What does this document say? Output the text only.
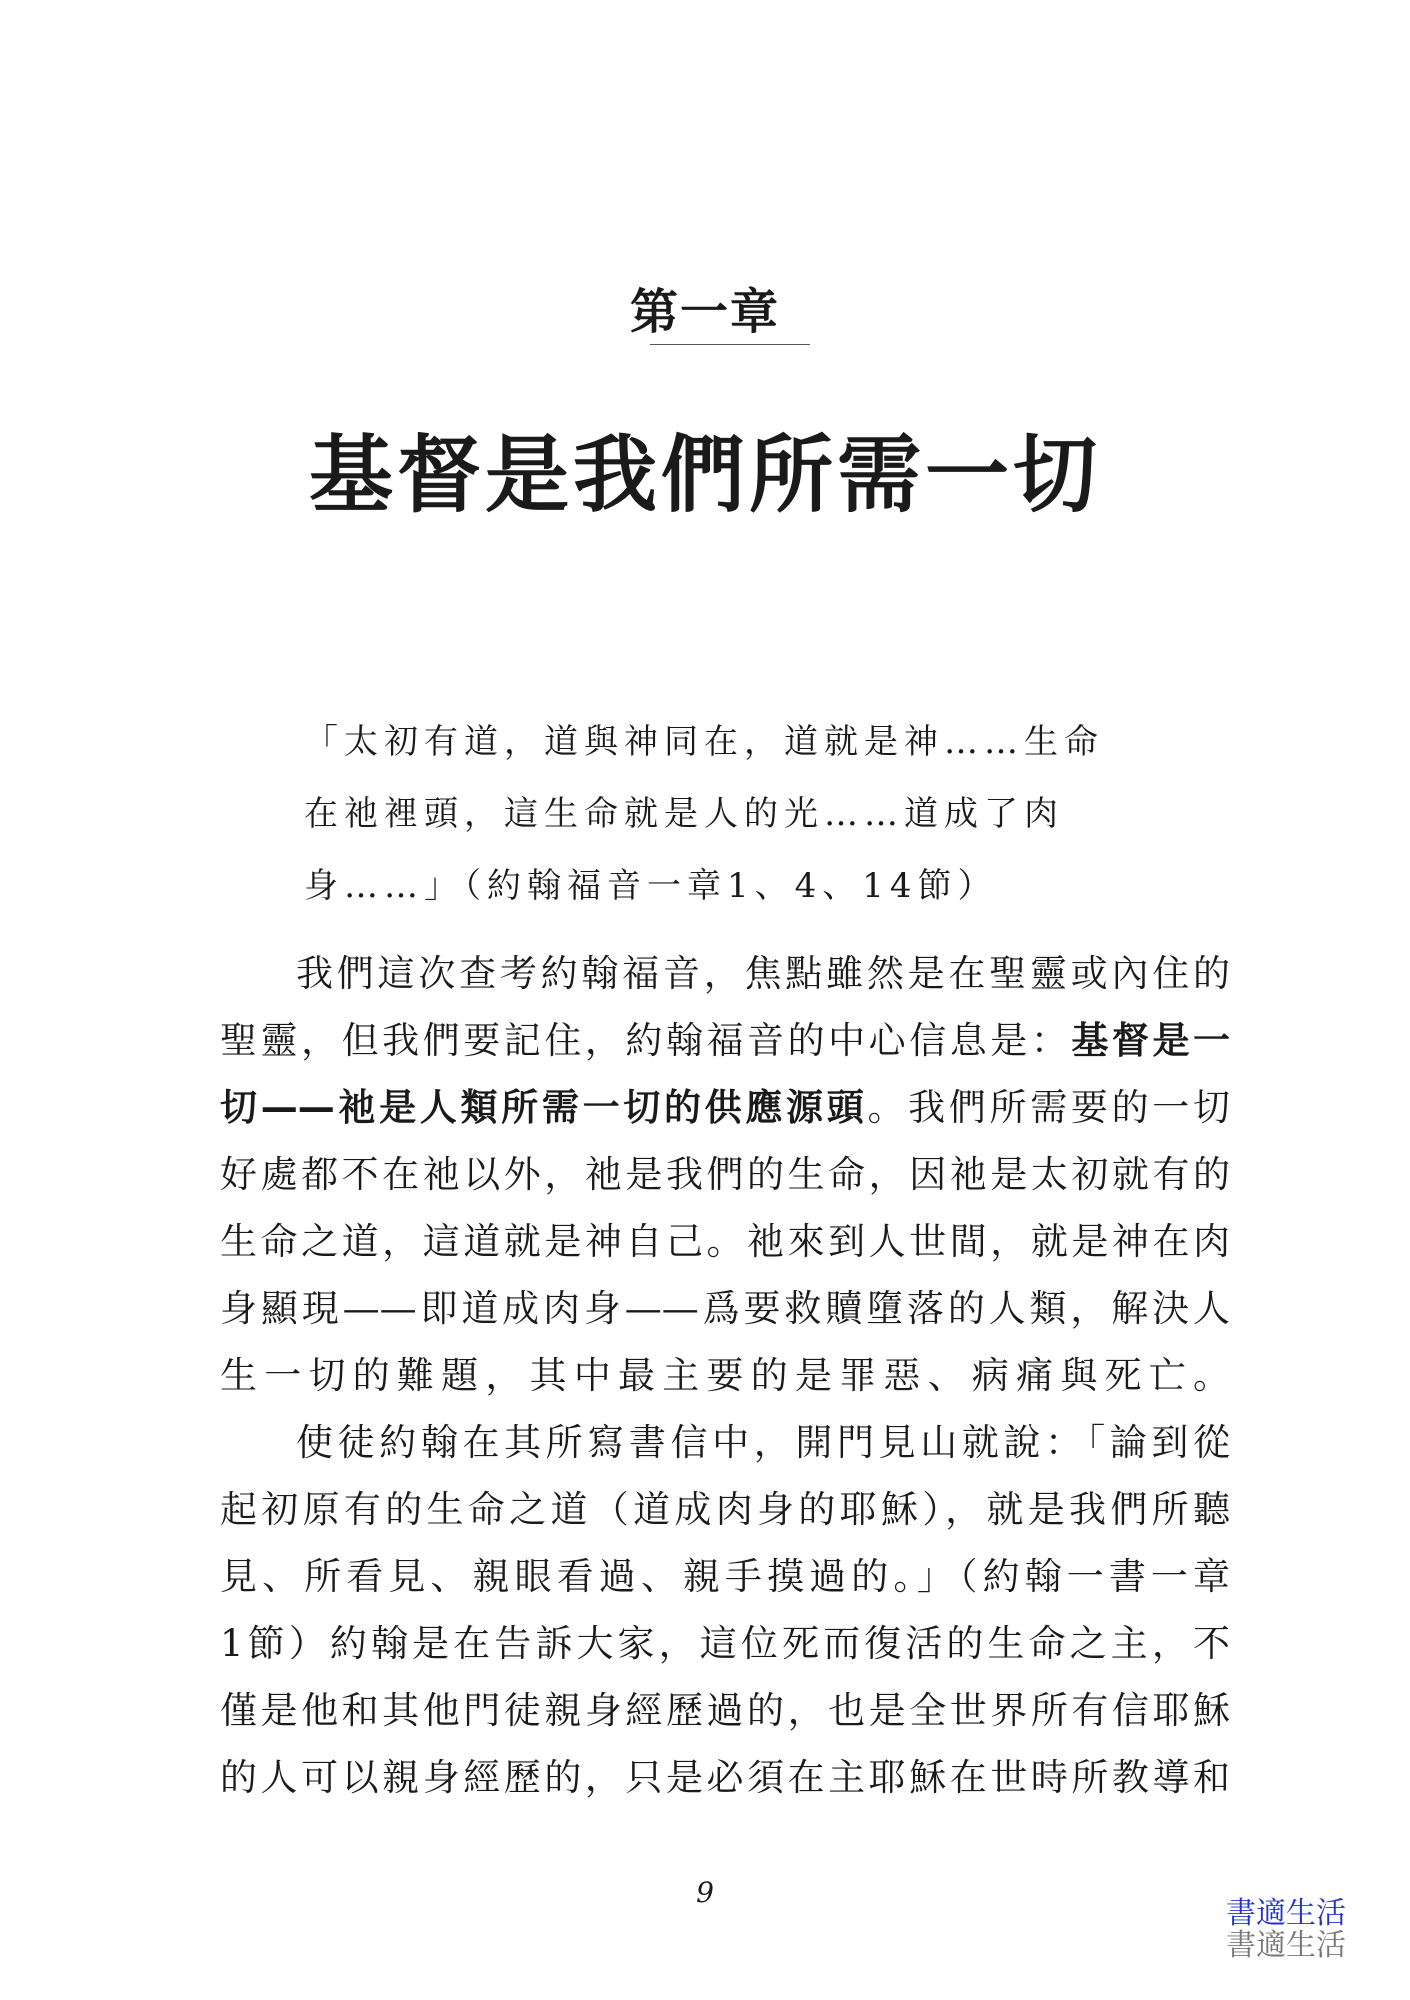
第一章
基督是我們所需一切
「太初有道，道與神同在，道就是神……生命
在祂裡頭，這生命就是人的光……道成了肉
身……」（約翰福音一章1、4、14節）
我們這次查考約翰福音，焦點雖然是在聖靈或內住的
聖靈，但我們要記住，約翰福音的中心信息是：基督是一
切——祂是人類所需一切的供應源頭。我們所需要的一切
好處都不在祂以外，祂是我們的生命，因祂是太初就有的
生命之道，這道就是神自己。祂來到人世間，就是神在肉
身顯現——即道成肉身——爲要救贖墮落的人類，解決人
生一切的難題，其中最主要的是罪惡、病痛與死亡。
使徒約翰在其所寫書信中，開門見山就說：「論到從
起初原有的生命之道（道成肉身的耶穌），就是我們所聽
見、所看見、親眼看過、親手摸過的。」（約翰一書一章
1節）約翰是在告訴大家，這位死而復活的生命之主，不
僅是他和其他門徒親身經歷過的，也是全世界所有信耶穌
的人可以親身經歷的，只是必須在主耶穌在世時所教導和
9
書適生活
書適生活
